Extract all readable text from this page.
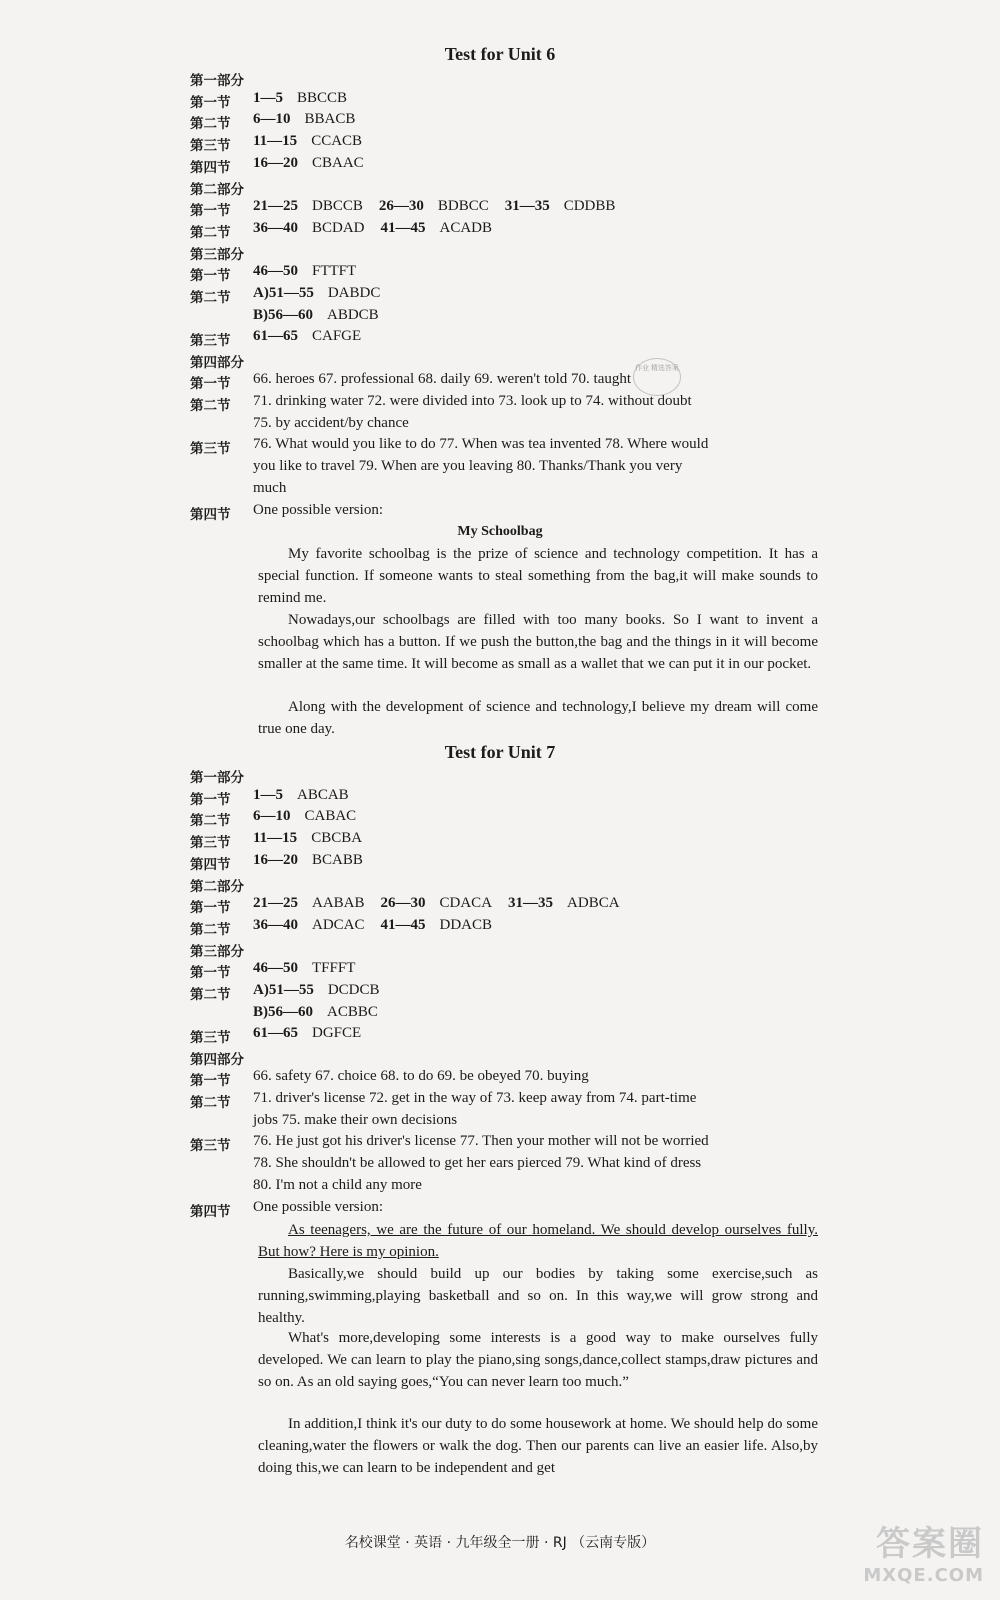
Test for Unit 6
第一部分
第一节 1—5 BBCCB
第二节 6—10 BBACB
第三节 11—15 CCACB
第四节 16—20 CBAAC
第二部分
第一节 21—25 DBCCB 26—30 BDBCC 31—35 CDDBB
第二节 36—40 BCDAD 41—45 ACADB
第三部分
第一节 46—50 FTTFT
第二节 A)51—55 DABDC
B)56—60 ABDCB
第三节 61—65 CAFGE
第四部分
第一节 66. heroes 67. professional 68. daily 69. weren't told 70. taught
第二节 71. drinking water 72. were divided into 73. look up to 74. without doubt
75. by accident/by chance
第三节 76. What would you like to do 77. When was tea invented 78. Where would
you like to travel 79. When are you leaving 80. Thanks/Thank you very
much
第四节 One possible version:
My Schoolbag
My favorite schoolbag is the prize of science and technology competition. It has a special function. If someone wants to steal something from the bag,it will make sounds to remind me.
Nowadays,our schoolbags are filled with too many books. So I want to invent a schoolbag which has a button. If we push the button,the bag and the things in it will become smaller at the same time. It will become as small as a wallet that we can put it in our pocket.
Along with the development of science and technology,I believe my dream will come true one day.
作业 精选答案
Test for Unit 7
第一部分
第一节 1—5 ABCAB
第二节 6—10 CABAC
第三节 11—15 CBCBA
第四节 16—20 BCABB
第二部分
第一节 21—25 AABAB 26—30 CDACA 31—35 ADBCA
第二节 36—40 ADCAC 41—45 DDACB
第三部分
第一节 46—50 TFFFT
第二节 A)51—55 DCDCB
B)56—60 ACBBC
第三节 61—65 DGFCE
第四部分
第一节 66. safety 67. choice 68. to do 69. be obeyed 70. buying
第二节 71. driver's license 72. get in the way of 73. keep away from 74. part-time
jobs 75. make their own decisions
第三节 76. He just got his driver's license 77. Then your mother will not be worried
78. She shouldn't be allowed to get her ears pierced 79. What kind of dress
80. I'm not a child any more
第四节 One possible version:
As teenagers, we are the future of our homeland. We should develop ourselves fully. But how? Here is my opinion.
Basically,we should build up our bodies by taking some exercise,such as running,swimming,playing basketball and so on. In this way,we will grow strong and healthy.
What's more,developing some interests is a good way to make ourselves fully developed. We can learn to play the piano,sing songs,dance,collect stamps,draw pictures and so on. As an old saying goes,“You can never learn too much.”
In addition,I think it's our duty to do some housework at home. We should help do some cleaning,water the flowers or walk the dog. Then our parents can live an easier life. Also,by doing this,we can learn to be independent and get
名校课堂 · 英语 · 九年级全一册 · RJ （云南专版）	答案圈
MXQE.COM
